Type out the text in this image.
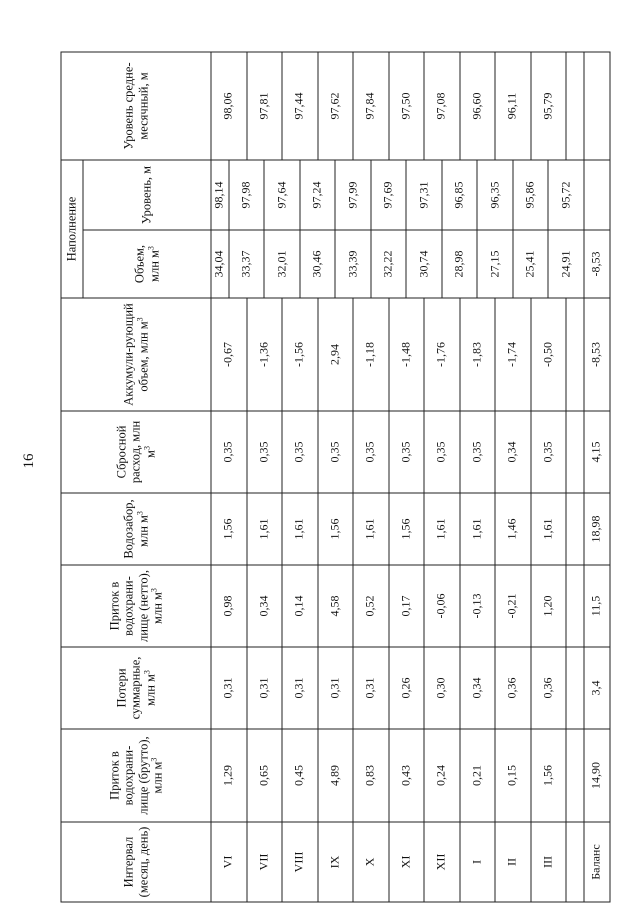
16
Интервал (месяц, день)	Приток в водохрани-лище (брутто), млн $м^3$	Потери суммарные, млн $м^3$	Приток в водохрани-лище (нетто), млн $м^3$	Водозабор, млн $м^3$	Сбросной расход, млн $м^3$	Аккумули-рующий объем, млн $м^3$	Наполнение		Уровень средне-месячный, м
							Объем, млн $м^3$	Уровень, м	
VI	1,29	0,31	0,98	1,56	0,35	-0,67	34,04	98,14	98,06
							33,37	97,98	
VII	0,65	0,31	0,34	1,61	0,35	-1,36			97,81
							32,01	97,64	
VIII	0,45	0,31	0,14	1,61	0,35	-1,56			97,44
							30,46	97,24	
IX	4,89	0,31	4,58	1,56	0,35	2,94			97,62
							33,39	97,99	
X	0,83	0,31	0,52	1,61	0,35	-1,18			97,84
							32,22	97,69	
XI	0,43	0,26	0,17	1,56	0,35	-1,48			97,50
							30,74	97,31	
XII	0,24	0,30	-0,06	1,61	0,35	-1,76			97,08
							28,98	96,85	
I	0,21	0,34	-0,13	1,61	0,35	-1,83			96,60
							27,15	96,35	
II	0,15	0,36	-0,21	1,46	0,34	-1,74			96,11
							25,41	95,86	
III	1,56	0,36	1,20	1,61	0,35	-0,50			95,79
							24,91	95,72	

Баланс	14,90	3,4	11,5	18,98	4,15	-8,53	-8,53		
